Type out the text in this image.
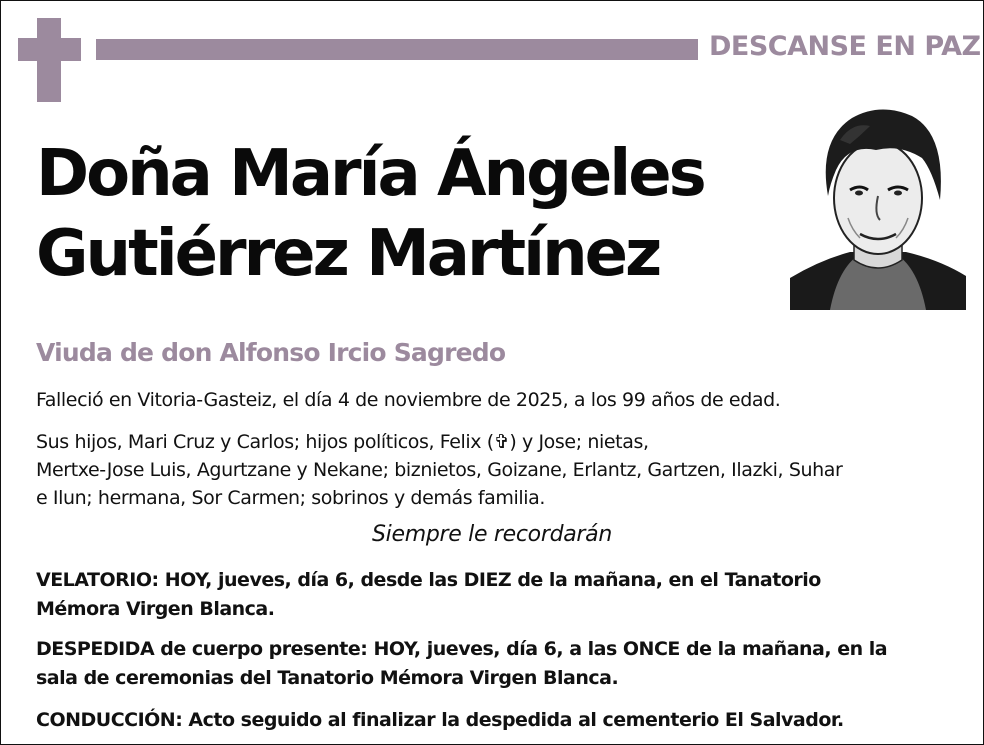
DESCANSE EN PAZ
Doña María Ángeles
Gutiérrez Martínez
Viuda de don Alfonso Ircio Sagredo
Falleció en Vitoria-Gasteiz, el día 4 de noviembre de 2025, a los 99 años de edad.
Sus hijos, Mari Cruz y Carlos; hijos políticos, Felix (✞) y Jose; nietas,
Mertxe-Jose Luis, Agurtzane y Nekane; biznietos, Goizane, Erlantz, Gartzen, Ilazki, Suhar
e Ilun; hermana, Sor Carmen; sobrinos y demás familia.
Siempre le recordarán
VELATORIO: HOY, jueves, día 6, desde las DIEZ de la mañana, en el Tanatorio
Mémora Virgen Blanca.
DESPEDIDA de cuerpo presente: HOY, jueves, día 6, a las ONCE de la mañana, en la
sala de ceremonias del Tanatorio Mémora Virgen Blanca.
CONDUCCIÓN: Acto seguido al finalizar la despedida al cementerio El Salvador.
